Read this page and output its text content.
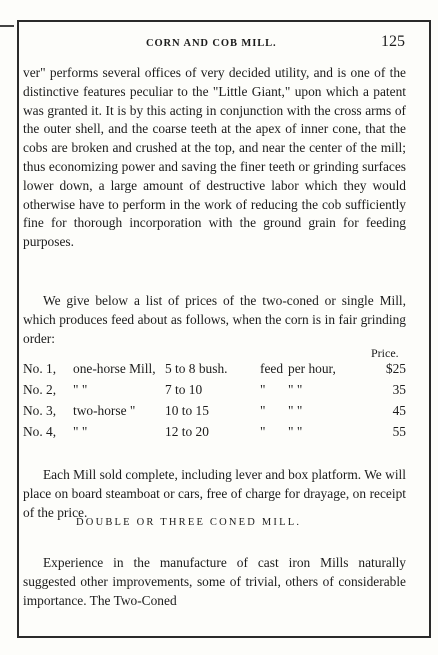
CORN AND COB MILL.	125
ver" performs several offices of very decided utility, and is one of the distinctive features peculiar to the "Little Giant," upon which a patent was granted it. It is by this acting in conjunction with the cross arms of the outer shell, and the coarse teeth at the apex of inner cone, that the cobs are broken and crushed at the top, and near the center of the mill; thus economizing power and saving the finer teeth or grinding surfaces lower down, a large amount of destructive labor which they would otherwise have to perform in the work of reducing the cob sufficiently fine for thorough incorporation with the ground grain for feeding purposes.
We give below a list of prices of the two-coned or single Mill, which produces feed about as follows, when the corn is in fair grinding order:
Price.
No. 1,	one-horse Mill,	5 to 8 bush.	feed	per hour,	$25
No. 2,	" "	7 to 10	"	" "	35
No. 3,	two-horse "	10 to 15	"	" "	45
No. 4,	" "	12 to 20	"	" "	55
Each Mill sold complete, including lever and box platform. We will place on board steamboat or cars, free of charge for drayage, on receipt of the price.
DOUBLE OR THREE CONED MILL.
Experience in the manufacture of cast iron Mills naturally suggested other improvements, some of trivial, others of considerable importance. The Two-Coned
